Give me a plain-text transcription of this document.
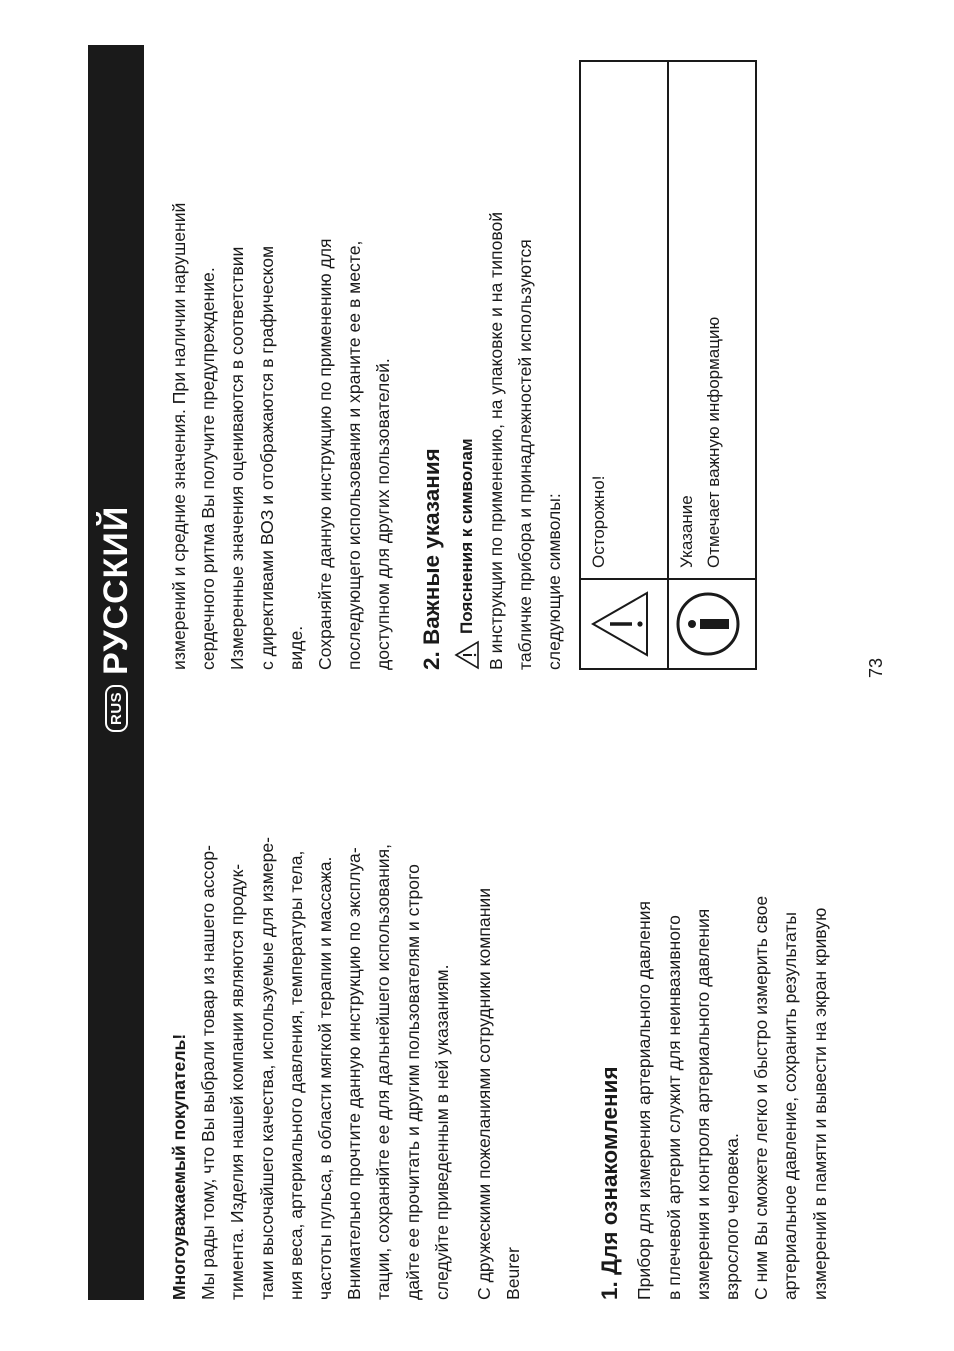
RUS
РУССКИЙ

Многоуважаемый покупатель! Мы рады тому, что Вы выбрали товар из нашего ассор- тимента. Изделия нашей компании являются продук- тами высочайшего качества, используемые для измере- ния веса, артериального давления, температуры тела, частоты пульса, в области мягкой терапии и массажа. Внимательно прочтите данную инструкцию по эксплуа- тации, сохраняйте ее для дальнейшего использования, дайте ее прочитать и другим пользователям и строго следуйте приведенным в ней указаниям. С дружескими пожеланиями сотрудники компании Beurer	1. Для ознакомления Прибор для измерения артериального давления в плечевой артерии служит для неинвазивного измерения и контроля артериального давления взрослого человека. С ним Вы сможете легко и быстро измерить свое артериальное давление, сохранить результаты измерений в памяти и вывести на экран кривую

измерений и средние значения. При наличии нарушений сердечного ритма Вы получите предупреждение. Измеренные значения оцениваются в соответствии с директивами ВОЗ и отображаются в графическом виде. Сохраняйте данную инструкцию по применению для последующего использования и храните ее в месте, доступном для других пользователей.	2. Важные указания Пояснения к символам В инструкции по применению, на упаковке и на типовой табличке прибора и принадлежностей используются следующие символы:

		Осторожно!

Указание Отмечает важную информацию
73
